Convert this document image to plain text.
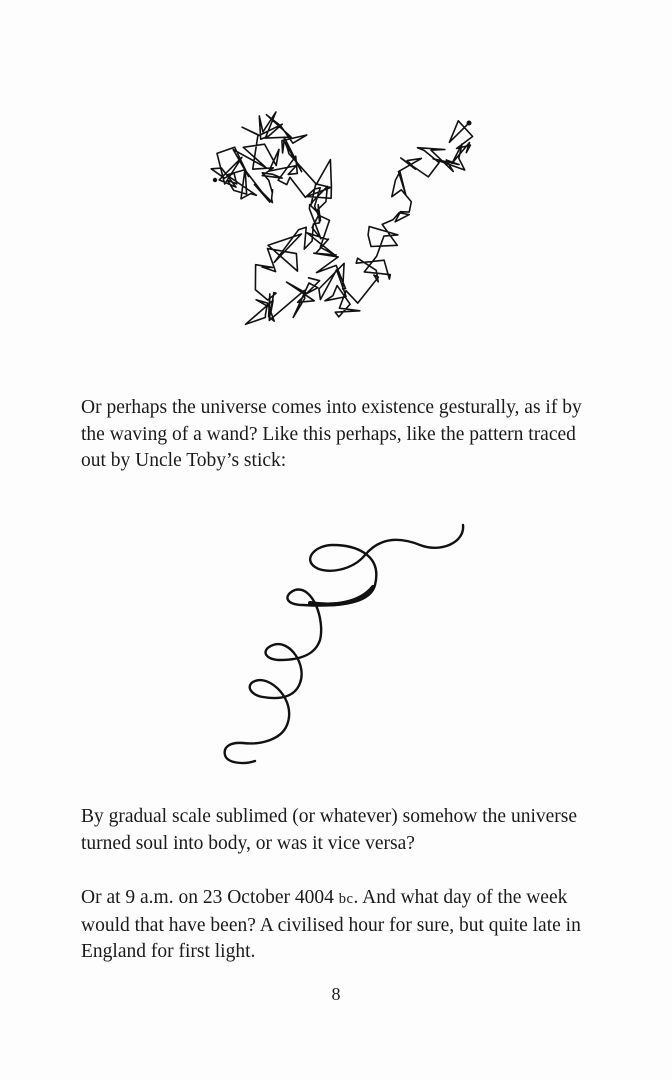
Or perhaps the universe comes into existence gesturally, as if by the waving of a wand? Like this perhaps, like the pattern traced out by Uncle Toby’s stick:

By gradual scale sublimed (or whatever) somehow the universe turned soul into body, or was it vice versa?

Or at 9 a.m. on 23 October 4004 bc. And what day of the week would that have been? A civilised hour for sure, but quite late in England for first light.

8
